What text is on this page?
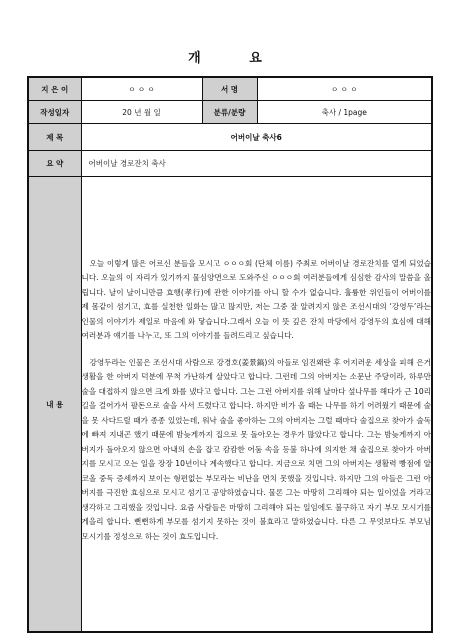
개 요
지 은 이	ㅇ ㅇ ㅇ	서 명	ㅇ ㅇ ㅇ
작성일자	20 년 월 일	분류/분량	축사 / 1page
제 목	어버이날 축사6		
요 약	어버이날 경로잔치 축사		
내 용	오늘 이렇게 많은 어르신 분들을 모시고 ㅇㅇㅇ회 (단체 이름) 주최로 어버이날 경로잔치를 열게 되었습니다. 오늘의 이 자리가 있기까지 물심양면으로 도와주신 ㅇㅇㅇ회 여러분들에게 심심한 감사의 말씀을 올립니다. 날이 날이니만큼 효행(孝行)에 관한 이야기를 아니 할 수가 없습니다. 훌륭한 위인들이 어버이를 제 몸같이 섬기고, 효를 실천한 일화는 많고 많지만, 저는 그중 잘 알려지지 않은 조선시대의 ‘강영두’라는 인물의 이야기가 제일로 마음에 와 닿습니다.그래서 오늘 이 뜻 깊은 잔치 마당에서 강영두의 효심에 대해 여러분과 얘기를 나누고, 또 그의 이야기를 들려드리고 싶습니다.

강영두라는 인물은 조선시대 사람으로 강경호(姜景鎬)의 아들로 임진왜란 후 어지러운 세상을 피해 은거생활을 한 아버지 덕분에 무척 가난하게 살았다고 합니다. 그런데 그의 아버지는 소문난 주당이라, 하루만 술을 대접하지 않으면 크게 화를 냈다고 합니다. 그는 그런 아버지를 위해 날마다 섶나무를 해다가 근 10리길을 걸어가서 팔돈으로 술을 사서 드렸다고 합니다. 하지만 비가 올 때는 나무를 하기 어려웠기 때문에 술을 못 사다드릴 때가 종종 있었는데, 워낙 술을 좋아하는 그의 아버지는 그럴 때마다 술집으로 찾아가 술독에 빠져 지내곤 했기 때문에 밤늦게까지 집으로 못 돌아오는 경우가 많았다고 합니다. 그는 밤늦게까지 아버지가 돌아오지 않으면 아내의 손을 잡고 캄캄한 어둠 속을 등불 하나에 의지한 채 술집으로 찾아가 아버지를 모시고 오는 일을 장장 10년이나 계속했다고 합니다. 지금으로 치면 그의 아버지는 생활력 빵점에 알코올 중독 증세까지 보이는 형편없는 부모라는 비난을 면치 못했을 것입니다. 하지만 그의 아들은 그런 아버지를 극진한 효심으로 모시고 섬기고 공양하였습니다. 물론 그는 마땅히 그리해야 되는 일이었을 거라고 생각하고 그리했을 것입니다. 요즘 사람들은 마땅히 그리해야 되는 일임에도 불구하고 자기 부모 모시기를 게을리 합니다. 뻔뻔하게 부모를 섬기지 못하는 것이 불효라고 말하였습니다. 다른 그 무엇보다도 부모님 모시기를 정성으로 하는 것이 효도입니다.		
